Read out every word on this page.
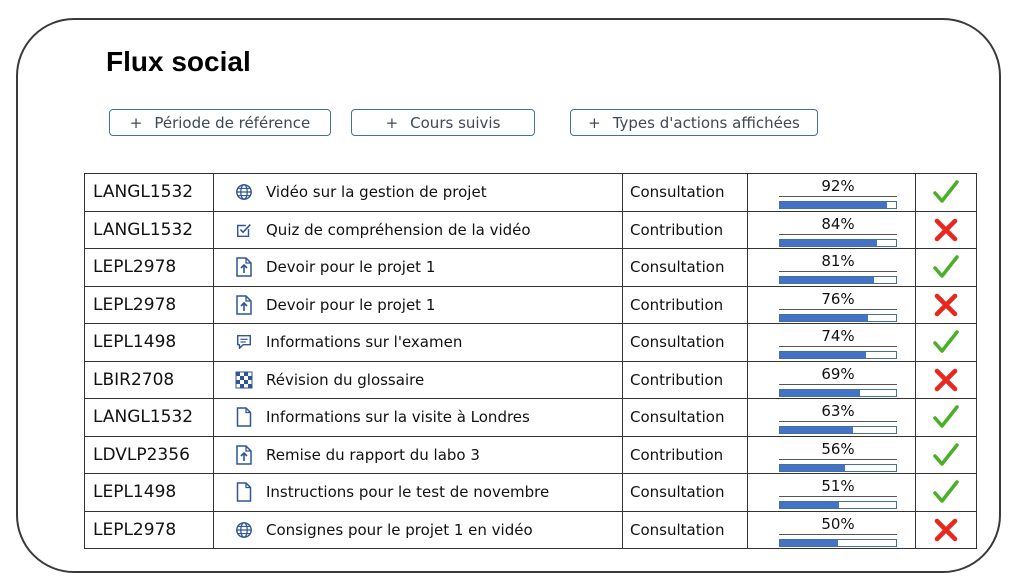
Flux social
+ Période de référence	+ Cours suivis	+ Types d'actions affichées
LANGL1532	Vidéo sur la gestion de projet	Consultation	92%

LANGL1532	Quiz de compréhension de la vidéo	Contribution	84%

LEPL2978	Devoir pour le projet 1	Consultation	81%

LEPL2978	Devoir pour le projet 1	Contribution	76%

LEPL1498	Informations sur l'examen	Consultation	74%

LBIR2708	Révision du glossaire	Contribution	69%

LANGL1532	Informations sur la visite à Londres	Consultation	63%

LDVLP2356	Remise du rapport du labo 3	Contribution	56%

LEPL1498	Instructions pour le test de novembre	Consultation	51%

LEPL2978	Consignes pour le projet 1 en vidéo	Consultation	50%
